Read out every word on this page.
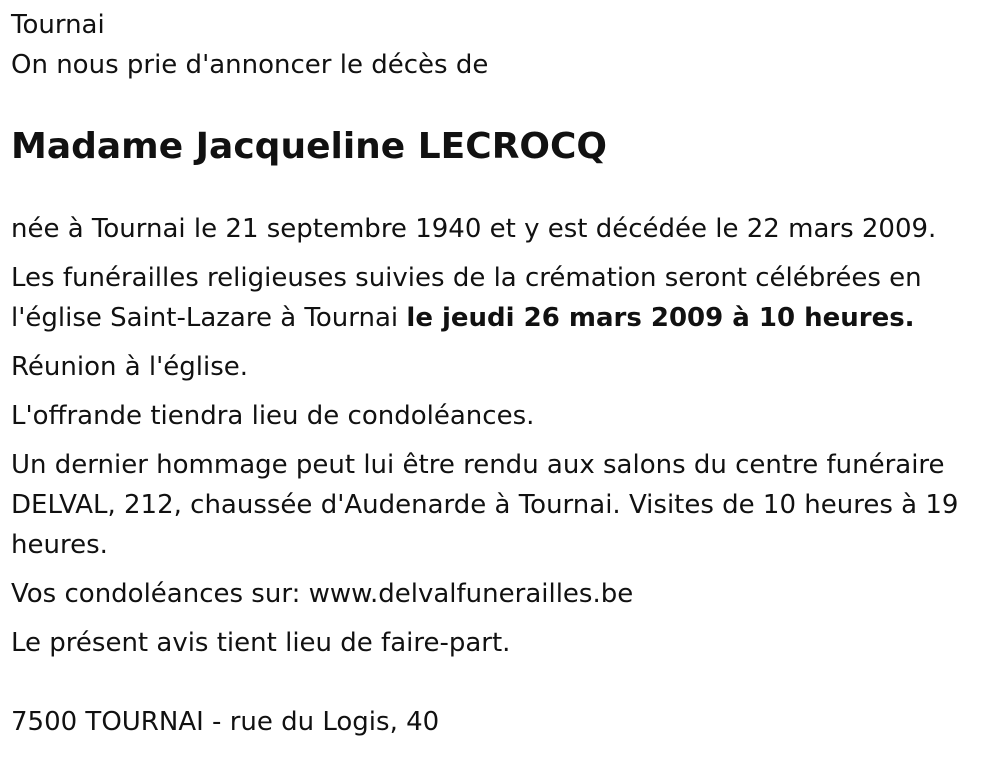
Tournai

On nous prie d'annoncer le décès de

Madame Jacqueline LECROCQ

née à Tournai le 21 septembre 1940 et y est décédée le 22 mars 2009.

Les funérailles religieuses suivies de la crémation seront célébrées en l'église Saint-Lazare à Tournai le jeudi 26 mars 2009 à 10 heures.

Réunion à l'église.

L'offrande tiendra lieu de condoléances.

Un dernier hommage peut lui être rendu aux salons du centre funéraire DELVAL, 212, chaussée d'Audenarde à Tournai. Visites de 10 heures à 19 heures.

Vos condoléances sur: www.delvalfunerailles.be

Le présent avis tient lieu de faire-part.

7500 TOURNAI - rue du Logis, 40
